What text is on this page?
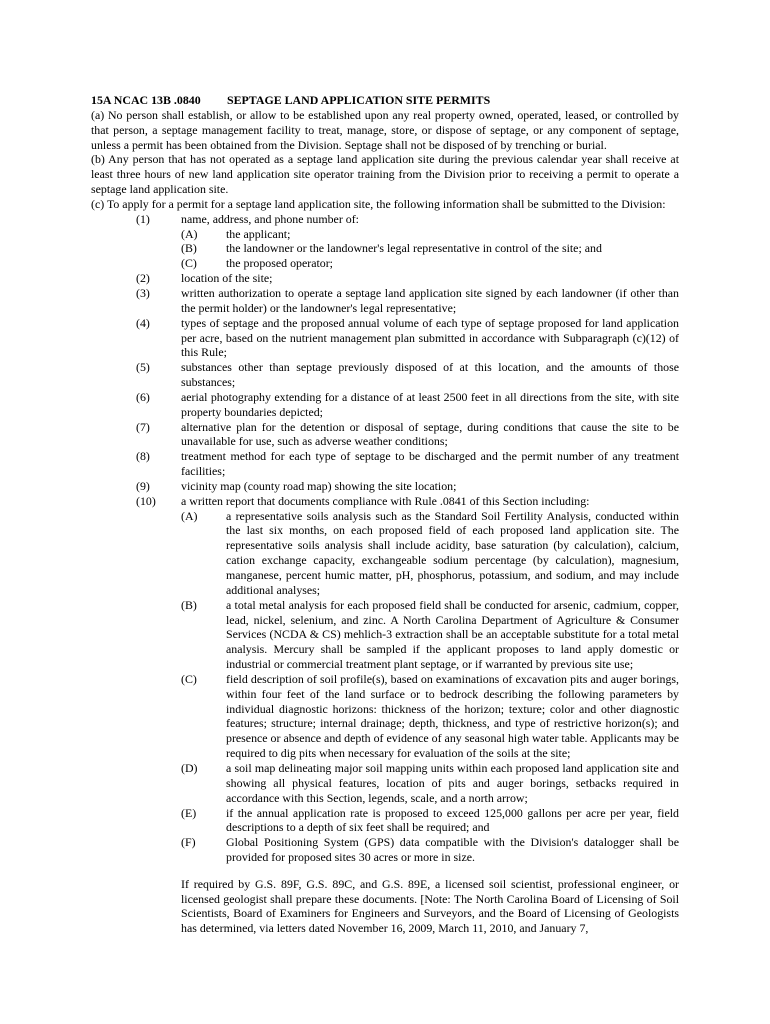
15A NCAC 13B .0840 SEPTAGE LAND APPLICATION SITE PERMITS

(a) No person shall establish, or allow to be established upon any real property owned, operated, leased, or controlled by that person, a septage management facility to treat, manage, store, or dispose of septage, or any component of septage, unless a permit has been obtained from the Division. Septage shall not be disposed of by trenching or burial.

(b) Any person that has not operated as a septage land application site during the previous calendar year shall receive at least three hours of new land application site operator training from the Division prior to receiving a permit to operate a septage land application site.

(c) To apply for a permit for a septage land application site, the following information shall be submitted to the Division:

(1)	name, address, and phone number of:
(A)	the applicant;
(B)	the landowner or the landowner's legal representative in control of the site; and
(C)	the proposed operator;
(2)	location of the site;
(3)	written authorization to operate a septage land application site signed by each landowner (if other than the permit holder) or the landowner's legal representative;
(4)	types of septage and the proposed annual volume of each type of septage proposed for land application per acre, based on the nutrient management plan submitted in accordance with Subparagraph (c)(12) of this Rule;
(5)	substances other than septage previously disposed of at this location, and the amounts of those substances;
(6)	aerial photography extending for a distance of at least 2500 feet in all directions from the site, with site property boundaries depicted;
(7)	alternative plan for the detention or disposal of septage, during conditions that cause the site to be unavailable for use, such as adverse weather conditions;
(8)	treatment method for each type of septage to be discharged and the permit number of any treatment facilities;
(9)	vicinity map (county road map) showing the site location;
(10)	a written report that documents compliance with Rule .0841 of this Section including:
(A)	a representative soils analysis such as the Standard Soil Fertility Analysis, conducted within the last six months, on each proposed field of each proposed land application site. The representative soils analysis shall include acidity, base saturation (by calculation), calcium, cation exchange capacity, exchangeable sodium percentage (by calculation), magnesium, manganese, percent humic matter, pH, phosphorus, potassium, and sodium, and may include additional analyses;
(B)	a total metal analysis for each proposed field shall be conducted for arsenic, cadmium, copper, lead, nickel, selenium, and zinc. A North Carolina Department of Agriculture & Consumer Services (NCDA & CS) mehlich-3 extraction shall be an acceptable substitute for a total metal analysis. Mercury shall be sampled if the applicant proposes to land apply domestic or industrial or commercial treatment plant septage, or if warranted by previous site use;
(C)	field description of soil profile(s), based on examinations of excavation pits and auger borings, within four feet of the land surface or to bedrock describing the following parameters by individual diagnostic horizons: thickness of the horizon; texture; color and other diagnostic features; structure; internal drainage; depth, thickness, and type of restrictive horizon(s); and presence or absence and depth of evidence of any seasonal high water table. Applicants may be required to dig pits when necessary for evaluation of the soils at the site;
(D)	a soil map delineating major soil mapping units within each proposed land application site and showing all physical features, location of pits and auger borings, setbacks required in accordance with this Section, legends, scale, and a north arrow;
(E)	if the annual application rate is proposed to exceed 125,000 gallons per acre per year, field descriptions to a depth of six feet shall be required; and
(F)	Global Positioning System (GPS) data compatible with the Division's datalogger shall be provided for proposed sites 30 acres or more in size.

If required by G.S. 89F, G.S. 89C, and G.S. 89E, a licensed soil scientist, professional engineer, or licensed geologist shall prepare these documents. [Note: The North Carolina Board of Licensing of Soil Scientists, Board of Examiners for Engineers and Surveyors, and the Board of Licensing of Geologists has determined, via letters dated November 16, 2009, March 11, 2010, and January 7,
